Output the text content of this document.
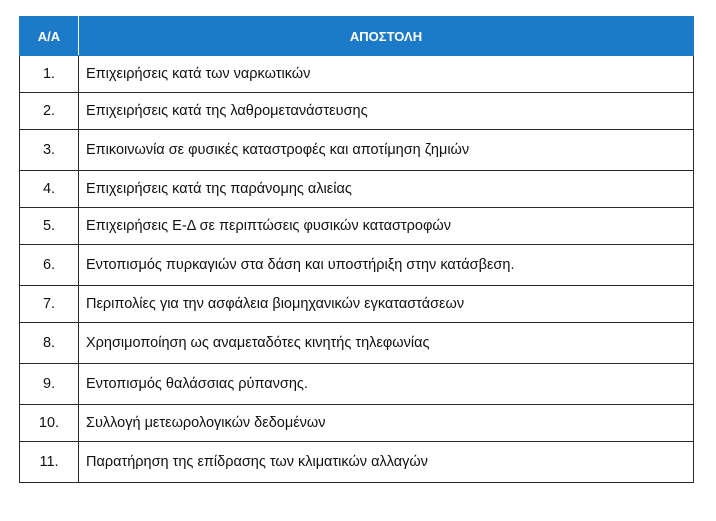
Α/Α	ΑΠΟΣΤΟΛΗ
1.	Επιχειρήσεις κατά των ναρκωτικών
2.	Επιχειρήσεις κατά της λαθρομετανάστευσης
3.	Επικοινωνία σε φυσικές καταστροφές και αποτίμηση ζημιών
4.	Επιχειρήσεις κατά της παράνομης αλιείας
5.	Επιχειρήσεις Ε-Δ σε περιπτώσεις φυσικών καταστροφών
6.	Εντοπισμός πυρκαγιών στα δάση και υποστήριξη στην κατάσβεση.
7.	Περιπολίες για την ασφάλεια βιομηχανικών εγκαταστάσεων
8.	Χρησιμοποίηση ως αναμεταδότες κινητής τηλεφωνίας
9.	Εντοπισμός θαλάσσιας ρύπανσης.
10.	Συλλογή μετεωρολογικών δεδομένων
11.	Παρατήρηση της επίδρασης των κλιματικών αλλαγών
